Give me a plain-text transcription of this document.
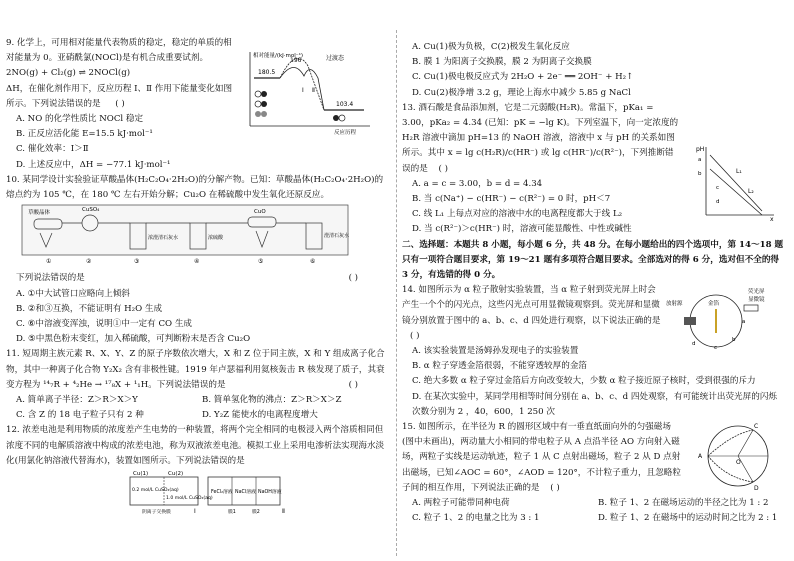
9. 化学上，可用相对能量代表物质的稳定，稳定的单质的相对能量为 0。亚硝酰氯(NOCl)是有机合成重要试剂。

2NO(g) + Cl₂(g) ⇌ 2NOCl(g)

ΔH，在催化剂作用下，反应历程 Ⅰ、Ⅱ 作用下能量变化如图所示。下列说法错误的是 ( )

A. NO 的化学性质比 NOCl 稳定

B. 正反应活化能 E=15.5 kJ·mol⁻¹

C. 催化效率：Ⅰ＞Ⅱ

D. 上述反应中，ΔH = −77.1 kJ·mol⁻¹

相对能量/(kJ·mol⁻¹)
180.5
196	过渡态
Ⅰ Ⅱ
103.4
反应历程

10. 某同学设计实验验证草酸晶体(H₂C₂O₄·2H₂O)的分解产物。已知：草酸晶体(H₂C₂O₄·2H₂O)的熔点约为 105 ℃，在 180 ℃ 左右开始分解；Cu₂O 在稀硫酸中发生氧化还原反应。

草酸晶体	CuSO₄
浓澄清石灰水	浓硫酸
CuO
澄清石灰水
①	②	③	④	⑤	⑥

下列说法错误的是	( )

A. ①中大试管口应略向上倾斜

B. ②和③互换，不能证明有 H₂O 生成

C. ⑥中溶液变浑浊，说明①中一定有 CO 生成

D. ⑤中黑色粉末变红，加入稀硫酸，可判断粉末是否含 Cu₂O

11. 短周期主族元素 R、X、Y、Z 的原子序数依次增大，X 和 Z 位于同主族，X 和 Y 组成离子化合物，其中一种离子化合物 Y₂X₂ 含有非极性键。1919 年卢瑟福利用氦核轰击 R 核发现了质子，其衰变方程为 ¹⁴₇R + ⁴₂He → ¹⁷₈X + ¹₁H。下列说法错误的是	( )

A. 简单离子半径：Z＞R＞X＞Y	B. 简单氢化物的沸点：Z＞R＞X＞Z
C. 含 Z 的 18 电子粒子只有 2 种	D. Y₂Z 能使水的电离程度增大

12. 浓差电池是利用物质的浓度差产生电势的一种装置，将两个完全相同的电极浸入两个溶质相同但浓度不同的电解质溶液中构成的浓差电池，称为双液浓差电池。模拟工业上采用电渗析法实现海水淡化(用氯化钠溶液代替海水)，装置如图所示。下列说法错误的是

Cu(1)	Cu(2)
0.2 mol/L CuSO₄(aq)
1.0 mol/L CuSO₄(aq)
FeCl₂溶液 NaCl溶液 NaOH溶液
膜1	膜2
阴离子交换膜	Ⅰ	Ⅱ

A. Cu(1)极为负极，C(2)极发生氧化反应

B. 膜 1 为阳离子交换膜，膜 2 为阴离子交换膜

C. Cu(1)极电极反应式为 2H₂O + 2e⁻ ══ 2OH⁻ + H₂↑

D. Cu(2)极净增 3.2 g，理论上海水中减少 5.85 g NaCl

13. 酒石酸是食品添加剂，它是二元弱酸(H₂R)。常温下，pKa₁ = 3.00，pKa₂ = 4.34 (已知：pK = −lg K)。下列室温下，向一定浓度的 H₂R 溶液中滴加 pH=13 的 NaOH 溶液，溶液中 x 与 pH 的关系如图所示。其中 x = lg c(H₂R)/c(HR⁻) 或 lg c(HR⁻)/c(R²⁻)，下列推断错误的是 ( )

A. a = c = 3.00，b = d = 4.34

B. 当 c(Na⁺) − c(HR⁻) − c(R²⁻) = 0 时，pH＜7

C. 线 L₁ 上每点对应的溶液中水的电离程度都大于线 L₂

D. 当 c(R²⁻)＞c(HR⁻) 时，溶液可能显酸性、中性或碱性

pH
x
L₁
L₂
a
b
c
d

二、选择题：本题共 8 小题，每小题 6 分，共 48 分。在每小题给出的四个选项中，第 14～18 题只有一项符合题目要求，第 19～21 题有多项符合题目要求。全部选对的得 6 分，选对但不全的得 3 分，有选错的得 0 分。

14. 如图所示为 α 粒子散射实验装置，当 α 粒子射到荧光屏上时会产生一个个的闪光点，这些闪光点可用显微镜观察到。荧光屏和显微镜分别放置于图中的 a、b、c、d 四处进行观察，以下说法正确的是 ( )

A. 该实验装置是汤姆孙发现电子的实验装置

B. α 粒子穿透金箔很弱，不能穿透较厚的金箔

C. 绝大多数 α 粒子穿过金箔后方向改变较大，少数 α 粒子接近原子核时，受到很强的斥力

D. 在某次实验中，某同学用相等时间分别在 a、b、c、d 四处观察，有可能统计出荧光屏的闪烁次数分别为 2 ，40，600，1 250 次

放射源	金箔
荧光屏
显微镜
a
b
c
d

15. 如图所示，在半径为 R 的圆形区域中有一垂直纸面向外的匀强磁场(图中未画出)，两动量大小相同的带电粒子从 A 点沿半径 AO 方向射入磁场，两粒子实线是运动轨迹，粒子 1 从 C 点射出磁场，粒子 2 从 D 点射出磁场，已知∠AOC = 60°，∠AOD = 120°，不计粒子重力，且忽略粒子间的相互作用，下列说法正确的是 ( )

A. 两粒子可能带同种电荷	B. 粒子 1、2 在磁场运动的半径之比为 1 : 2
C. 粒子 1、2 的电量之比为 3 : 1	D. 粒子 1、2 在磁场中的运动时间之比为 2 : 1
A
C
D
O
